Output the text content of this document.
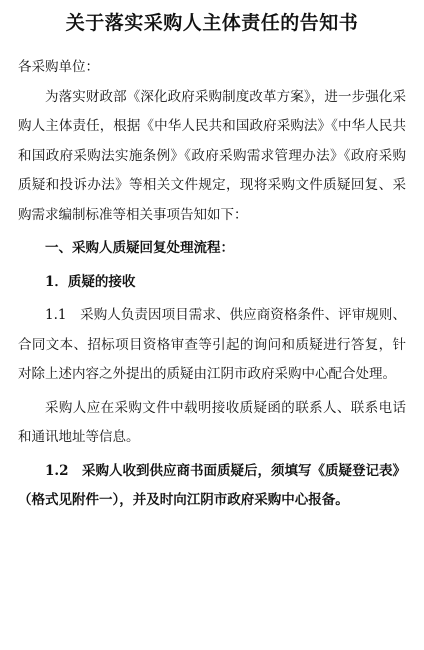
关于落实采购人主体责任的告知书

各采购单位：

为落实财政部《深化政府采购制度改革方案》，进一步强化采购人主体责任，根据《中华人民共和国政府采购法》《中华人民共和国政府采购法实施条例》《政府采购需求管理办法》《政府采购质疑和投诉办法》等相关文件规定，现将采购文件质疑回复、采购需求编制标准等相关事项告知如下：

一、采购人质疑回复处理流程：

1．质疑的接收

1.1　采购人负责因项目需求、供应商资格条件、评审规则、合同文本、招标项目资格审查等引起的询问和质疑进行答复，针对除上述内容之外提出的质疑由江阴市政府采购中心配合处理。

采购人应在采购文件中载明接收质疑函的联系人、联系电话和通讯地址等信息。

1.2　采购人收到供应商书面质疑后，须填写《质疑登记表》（格式见附件一），并及时向江阴市政府采购中心报备。
